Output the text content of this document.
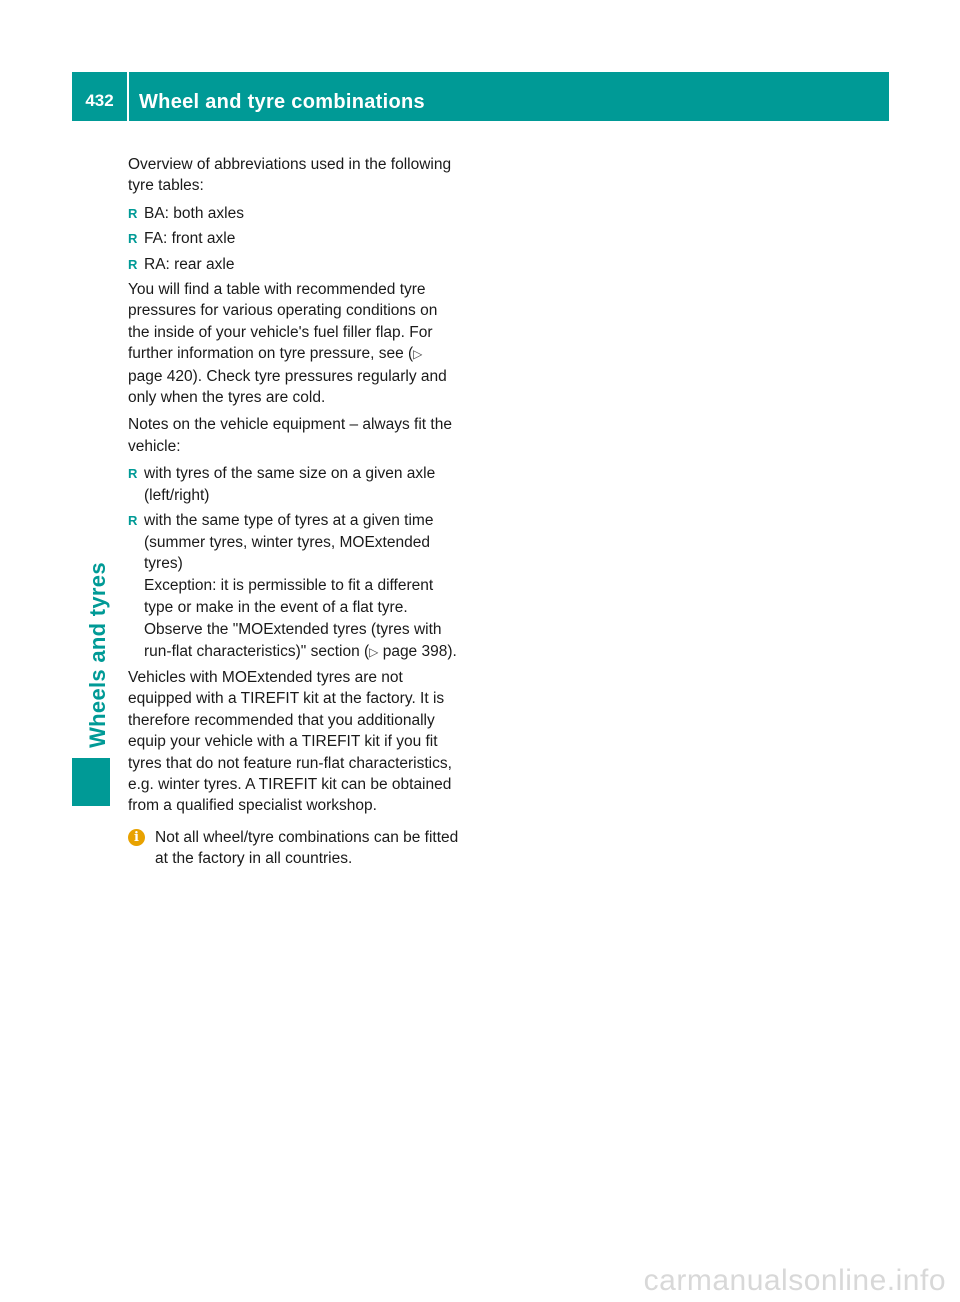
432	Wheel and tyre combinations
Wheels and tyres

Overview of abbreviations used in the following tyre tables:

R BA: both axles
R FA: front axle
R RA: rear axle

You will find a table with recommended tyre pressures for various operating conditions on the inside of your vehicle's fuel filler flap. For further information on tyre pressure, see (▷ page 420). Check tyre pressures regularly and only when the tyres are cold.

Notes on the vehicle equipment – always fit the vehicle:

R with tyres of the same size on a given axle (left/right)
R with the same type of tyres at a given time (summer tyres, winter tyres, MOExtended tyres)
Exception: it is permissible to fit a different type or make in the event of a flat tyre.
Observe the "MOExtended tyres (tyres with run-flat characteristics)" section (▷ page 398).

Vehicles with MOExtended tyres are not equipped with a TIREFIT kit at the factory. It is therefore recommended that you additionally equip your vehicle with a TIREFIT kit if you fit tyres that do not feature run-flat characteristics, e.g. winter tyres. A TIREFIT kit can be obtained from a qualified specialist workshop.

i	Not all wheel/tyre combinations can be fitted at the factory in all countries.
carmanualsonline.info
